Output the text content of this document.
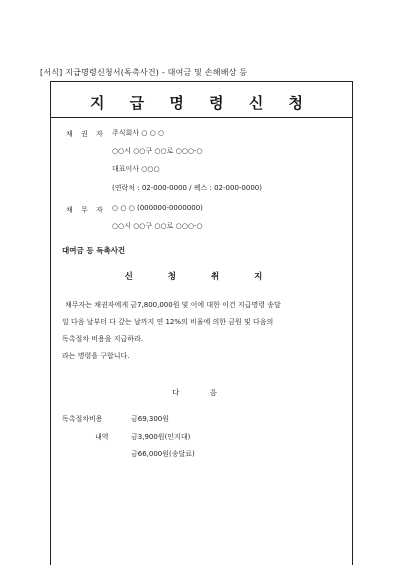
[서식] 지급명령신청서(독촉사건) - 대여금 및 손해배상 등
지 급 명 령 신 청
채 권 자 주식회사 ○ ○ ○
○○시 ○○구 ○○로 ○○○-○
대표이사 ○○○
(연락처 : 02-000-0000 / 팩스 : 02-000-0000)
채 무 자 ○ ○ ○ (000000-0000000)
○○시 ○○구 ○○로 ○○○-○
대여금 등 독촉사건
신 청 취 지
채무자는 채권자에게 금7,800,000원 및 이에 대한 이건 지급명령 송달
일 다음 날부터 다 갚는 날까지 연 12%의 비율에 의한 금원 및 다음의
독촉절차 비용을 지급하라.
라는 명령을 구합니다.
다 음
독촉절차비용	금69,300원
내역	금3,900원(인지대)
금66,000원(송달료)
